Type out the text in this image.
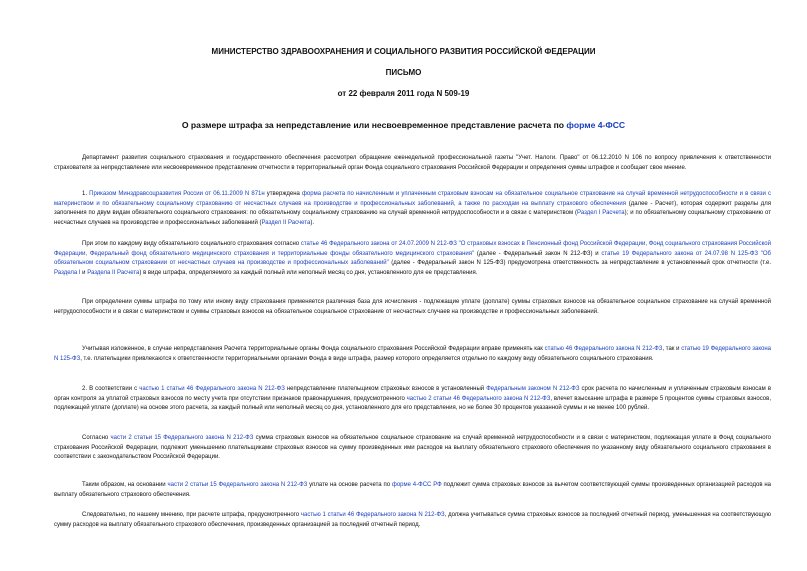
МИНИСТЕРСТВО ЗДРАВООХРАНЕНИЯ И СОЦИАЛЬНОГО РАЗВИТИЯ РОССИЙСКОЙ ФЕДЕРАЦИИ
ПИСЬМО
от 22 февраля 2011 года N 509-19
О размере штрафа за непредставление или несвоевременное представление расчета по форме 4-ФСС

Департамент развития социального страхования и государственного обеспечения рассмотрел обращение еженедельной профессиональной газеты "Учет. Налоги. Право" от 06.12.2010 N 106 по вопросу привлечения к ответственности страхователя за непредставление или несвоевременное представление отчетности в территориальный орган Фонда социального страхования Российской Федерации и определения суммы штрафов и сообщает свое мнение.

1. Приказом Минздравсоцразвития России от 06.11.2009 N 871н утверждена форма расчета по начисленным и уплаченным страховым взносам на обязательное социальное страхование на случай временной нетрудоспособности и в связи с материнством и по обязательному социальному страхованию от несчастных случаев на производстве и профессиональных заболеваний, а также по расходам на выплату страхового обеспечения (далее - Расчет), которая содержит разделы для заполнения по двум видам обязательного социального страхования: по обязательному социальному страхованию на случай временной нетрудоспособности и в связи с материнством (Раздел I Расчета); и по обязательному социальному страхованию от несчастных случаев на производстве и профессиональных заболеваний (Раздел II Расчета).

При этом по каждому виду обязательного социального страхования согласно статье 46 Федерального закона от 24.07.2009 N 212-ФЗ "О страховых взносах в Пенсионный фонд Российской Федерации, Фонд социального страхования Российской Федерации, Федеральный фонд обязательного медицинского страхования и территориальные фонды обязательного медицинского страхования" (далее - Федеральный закон N 212-ФЗ) и статье 19 Федерального закона от 24.07.98 N 125-ФЗ "Об обязательном социальном страховании от несчастных случаев на производстве и профессиональных заболеваний" (далее - Федеральный закон N 125-ФЗ) предусмотрена ответственность за непредставление в установленный срок отчетности (т.е. Раздела I и Раздела II Расчета) в виде штрафа, определяемого за каждый полный или неполный месяц со дня, установленного для ее представления.

При определении суммы штрафа по тому или иному виду страхования применяется различная база для исчисления - подлежащие уплате (доплате) суммы страховых взносов на обязательное социальное страхование на случай временной нетрудоспособности и в связи с материнством и суммы страховых взносов на обязательное социальное страхование от несчастных случаев на производстве и профессиональных заболеваний.

Учитывая изложенное, в случае непредставления Расчета территориальные органы Фонда социального страхования Российской Федерации вправе применять как статью 46 Федерального закона N 212-ФЗ, так и статью 19 Федерального закона N 125-ФЗ, т.е. плательщики привлекаются к ответственности территориальными органами Фонда в виде штрафа, размер которого определяется отдельно по каждому виду обязательного социального страхования.

2. В соответствии с частью 1 статьи 46 Федерального закона N 212-ФЗ непредставление плательщиком страховых взносов в установленный Федеральным законом N 212-ФЗ срок расчета по начисленным и уплаченным страховым взносам в орган контроля за уплатой страховых взносов по месту учета при отсутствии признаков правонарушения, предусмотренного частью 2 статьи 46 Федерального закона N 212-ФЗ, влечет взыскание штрафа в размере 5 процентов суммы страховых взносов, подлежащей уплате (доплате) на основе этого расчета, за каждый полный или неполный месяц со дня, установленного для его представления, но не более 30 процентов указанной суммы и не менее 100 рублей.

Согласно части 2 статьи 15 Федерального закона N 212-ФЗ сумма страховых взносов на обязательное социальное страхование на случай временной нетрудоспособности и в связи с материнством, подлежащая уплате в Фонд социального страхования Российской Федерации, подлежит уменьшению плательщиками страховых взносов на сумму произведенных ими расходов на выплату обязательного страхового обеспечения по указанному виду обязательного социального страхования в соответствии с законодательством Российской Федерации.

Таким образом, на основании части 2 статьи 15 Федерального закона N 212-ФЗ уплате на основе расчета по форме 4-ФСС РФ подлежит сумма страховых взносов за вычетом соответствующей суммы произведенных организацией расходов на выплату обязательного страхового обеспечения.

Следовательно, по нашему мнению, при расчете штрафа, предусмотренного частью 1 статьи 46 Федерального закона N 212-ФЗ, должна учитываться сумма страховых взносов за последний отчетный период, уменьшенная на соответствующую сумму расходов на выплату обязательного страхового обеспечения, произведенных организацией за последний отчетный период.
